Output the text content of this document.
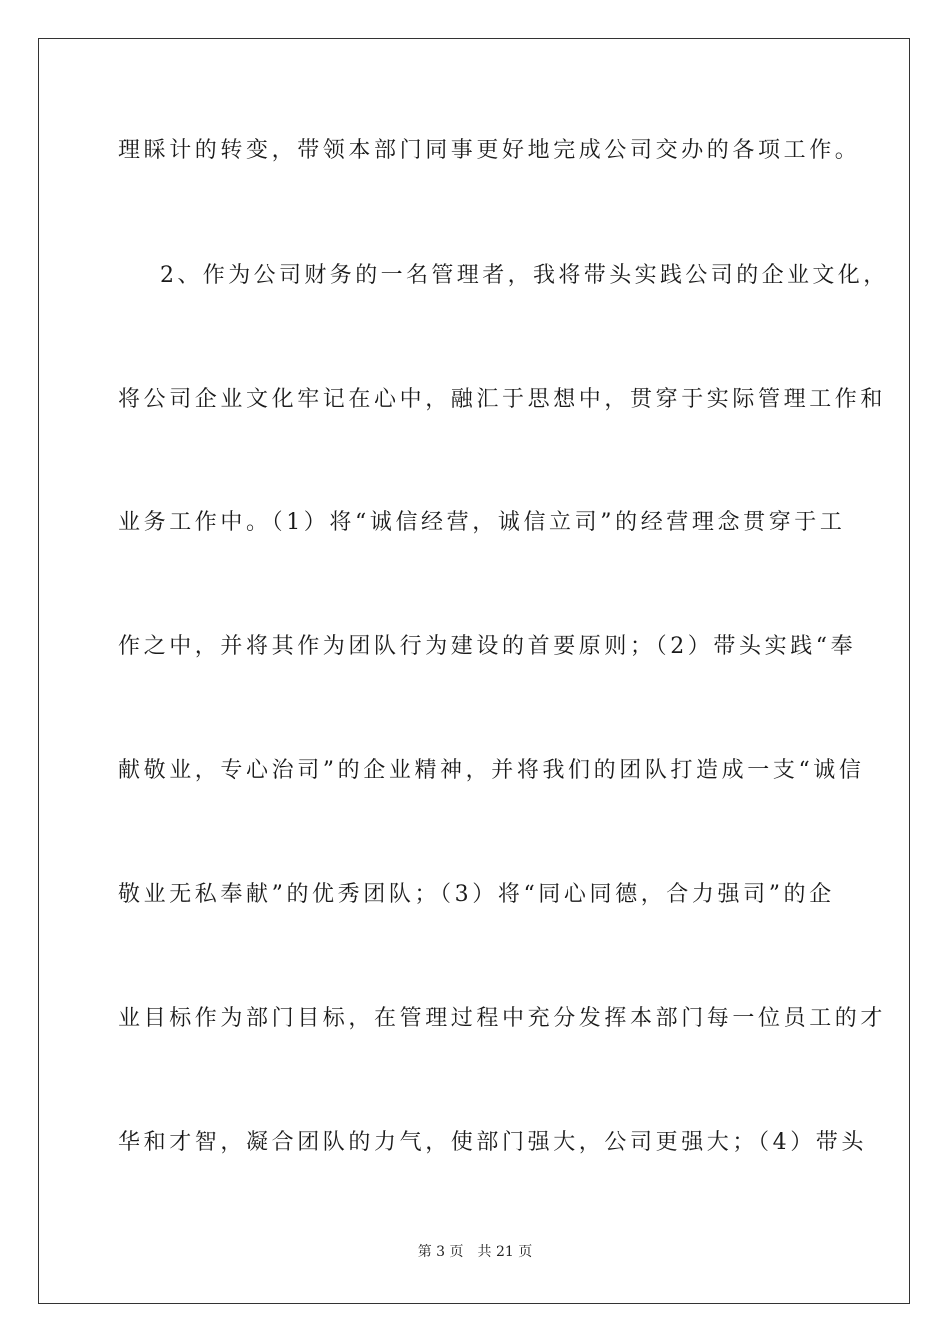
理睬计的转变，带领本部门同事更好地完成公司交办的各项工作。
2、作为公司财务的一名管理者，我将带头实践公司的企业文化，
将公司企业文化牢记在心中，融汇于思想中，贯穿于实际管理工作和
业务工作中。（1）将“诚信经营，诚信立司”的经营理念贯穿于工
作之中，并将其作为团队行为建设的首要原则；（2）带头实践“奉
献敬业，专心治司”的企业精神，并将我们的团队打造成一支“诚信
敬业无私奉献”的优秀团队；（3）将“同心同德，合力强司”的企
业目标作为部门目标，在管理过程中充分发挥本部门每一位员工的才
华和才智，凝合团队的力气，使部门强大，公司更强大；（4）带头
第 3 页 共 21 页
